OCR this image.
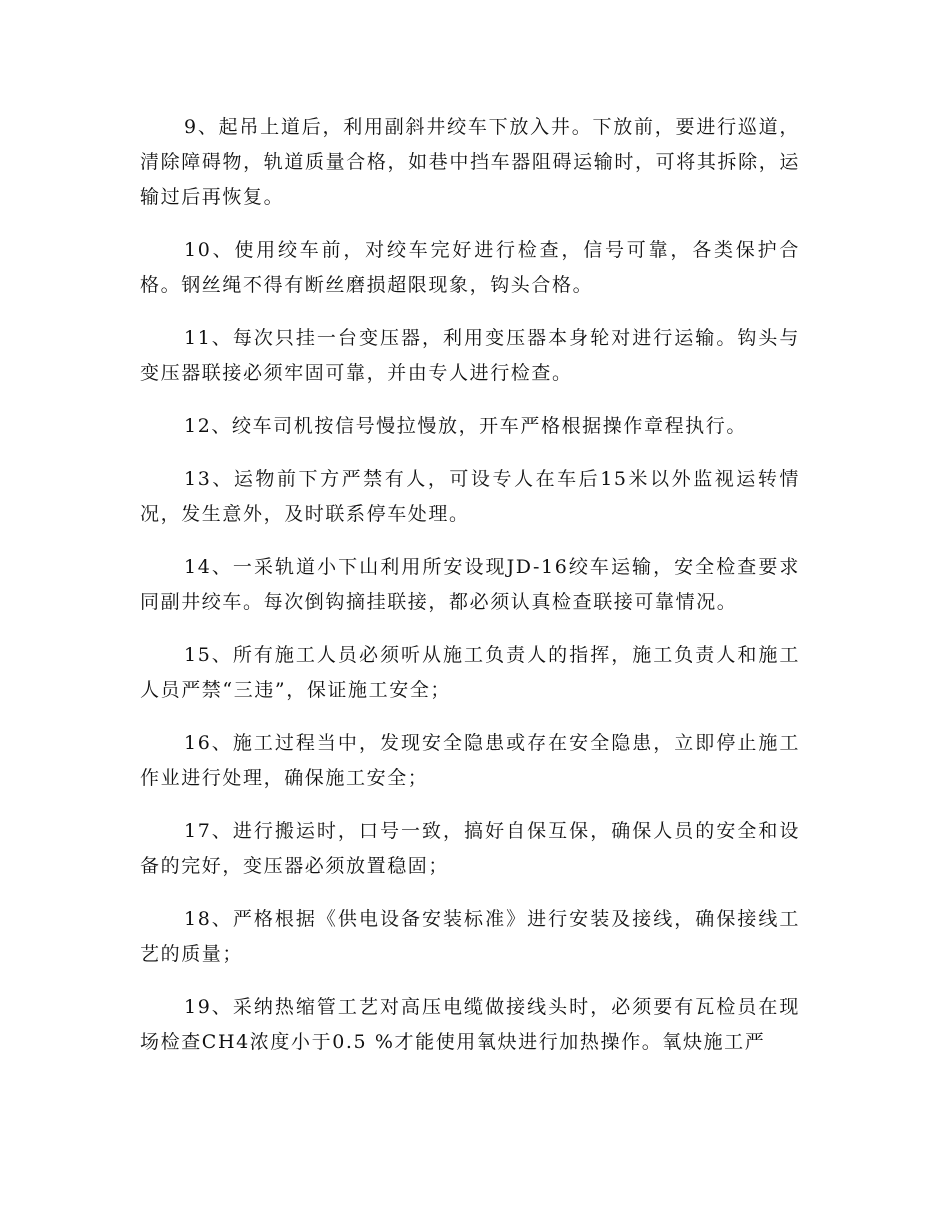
9、起吊上道后，利用副斜井绞车下放入井。下放前，要进行巡道，清除障碍物，轨道质量合格，如巷中挡车器阻碍运输时，可将其拆除，运输过后再恢复。

10、使用绞车前，对绞车完好进行检查，信号可靠，各类保护合格。钢丝绳不得有断丝磨损超限现象，钩头合格。

11、每次只挂一台变压器，利用变压器本身轮对进行运输。钩头与变压器联接必须牢固可靠，并由专人进行检查。

12、绞车司机按信号慢拉慢放，开车严格根据操作章程执行。

13、运物前下方严禁有人，可设专人在车后15米以外监视运转情况，发生意外，及时联系停车处理。

14、一采轨道小下山利用所安设现JD-16绞车运输，安全检查要求同副井绞车。每次倒钩摘挂联接，都必须认真检查联接可靠情况。

15、所有施工人员必须听从施工负责人的指挥，施工负责人和施工人员严禁“三违”，保证施工安全；

16、施工过程当中，发现安全隐患或存在安全隐患，立即停止施工作业进行处理，确保施工安全；

17、进行搬运时，口号一致，搞好自保互保，确保人员的安全和设备的完好，变压器必须放置稳固；

18、严格根据《供电设备安装标准》进行安装及接线，确保接线工艺的质量；

19、采纳热缩管工艺对高压电缆做接线头时，必须要有瓦检员在现场检查CH4浓度小于0.5 %才能使用氧炔进行加热操作。氧炔施工严
